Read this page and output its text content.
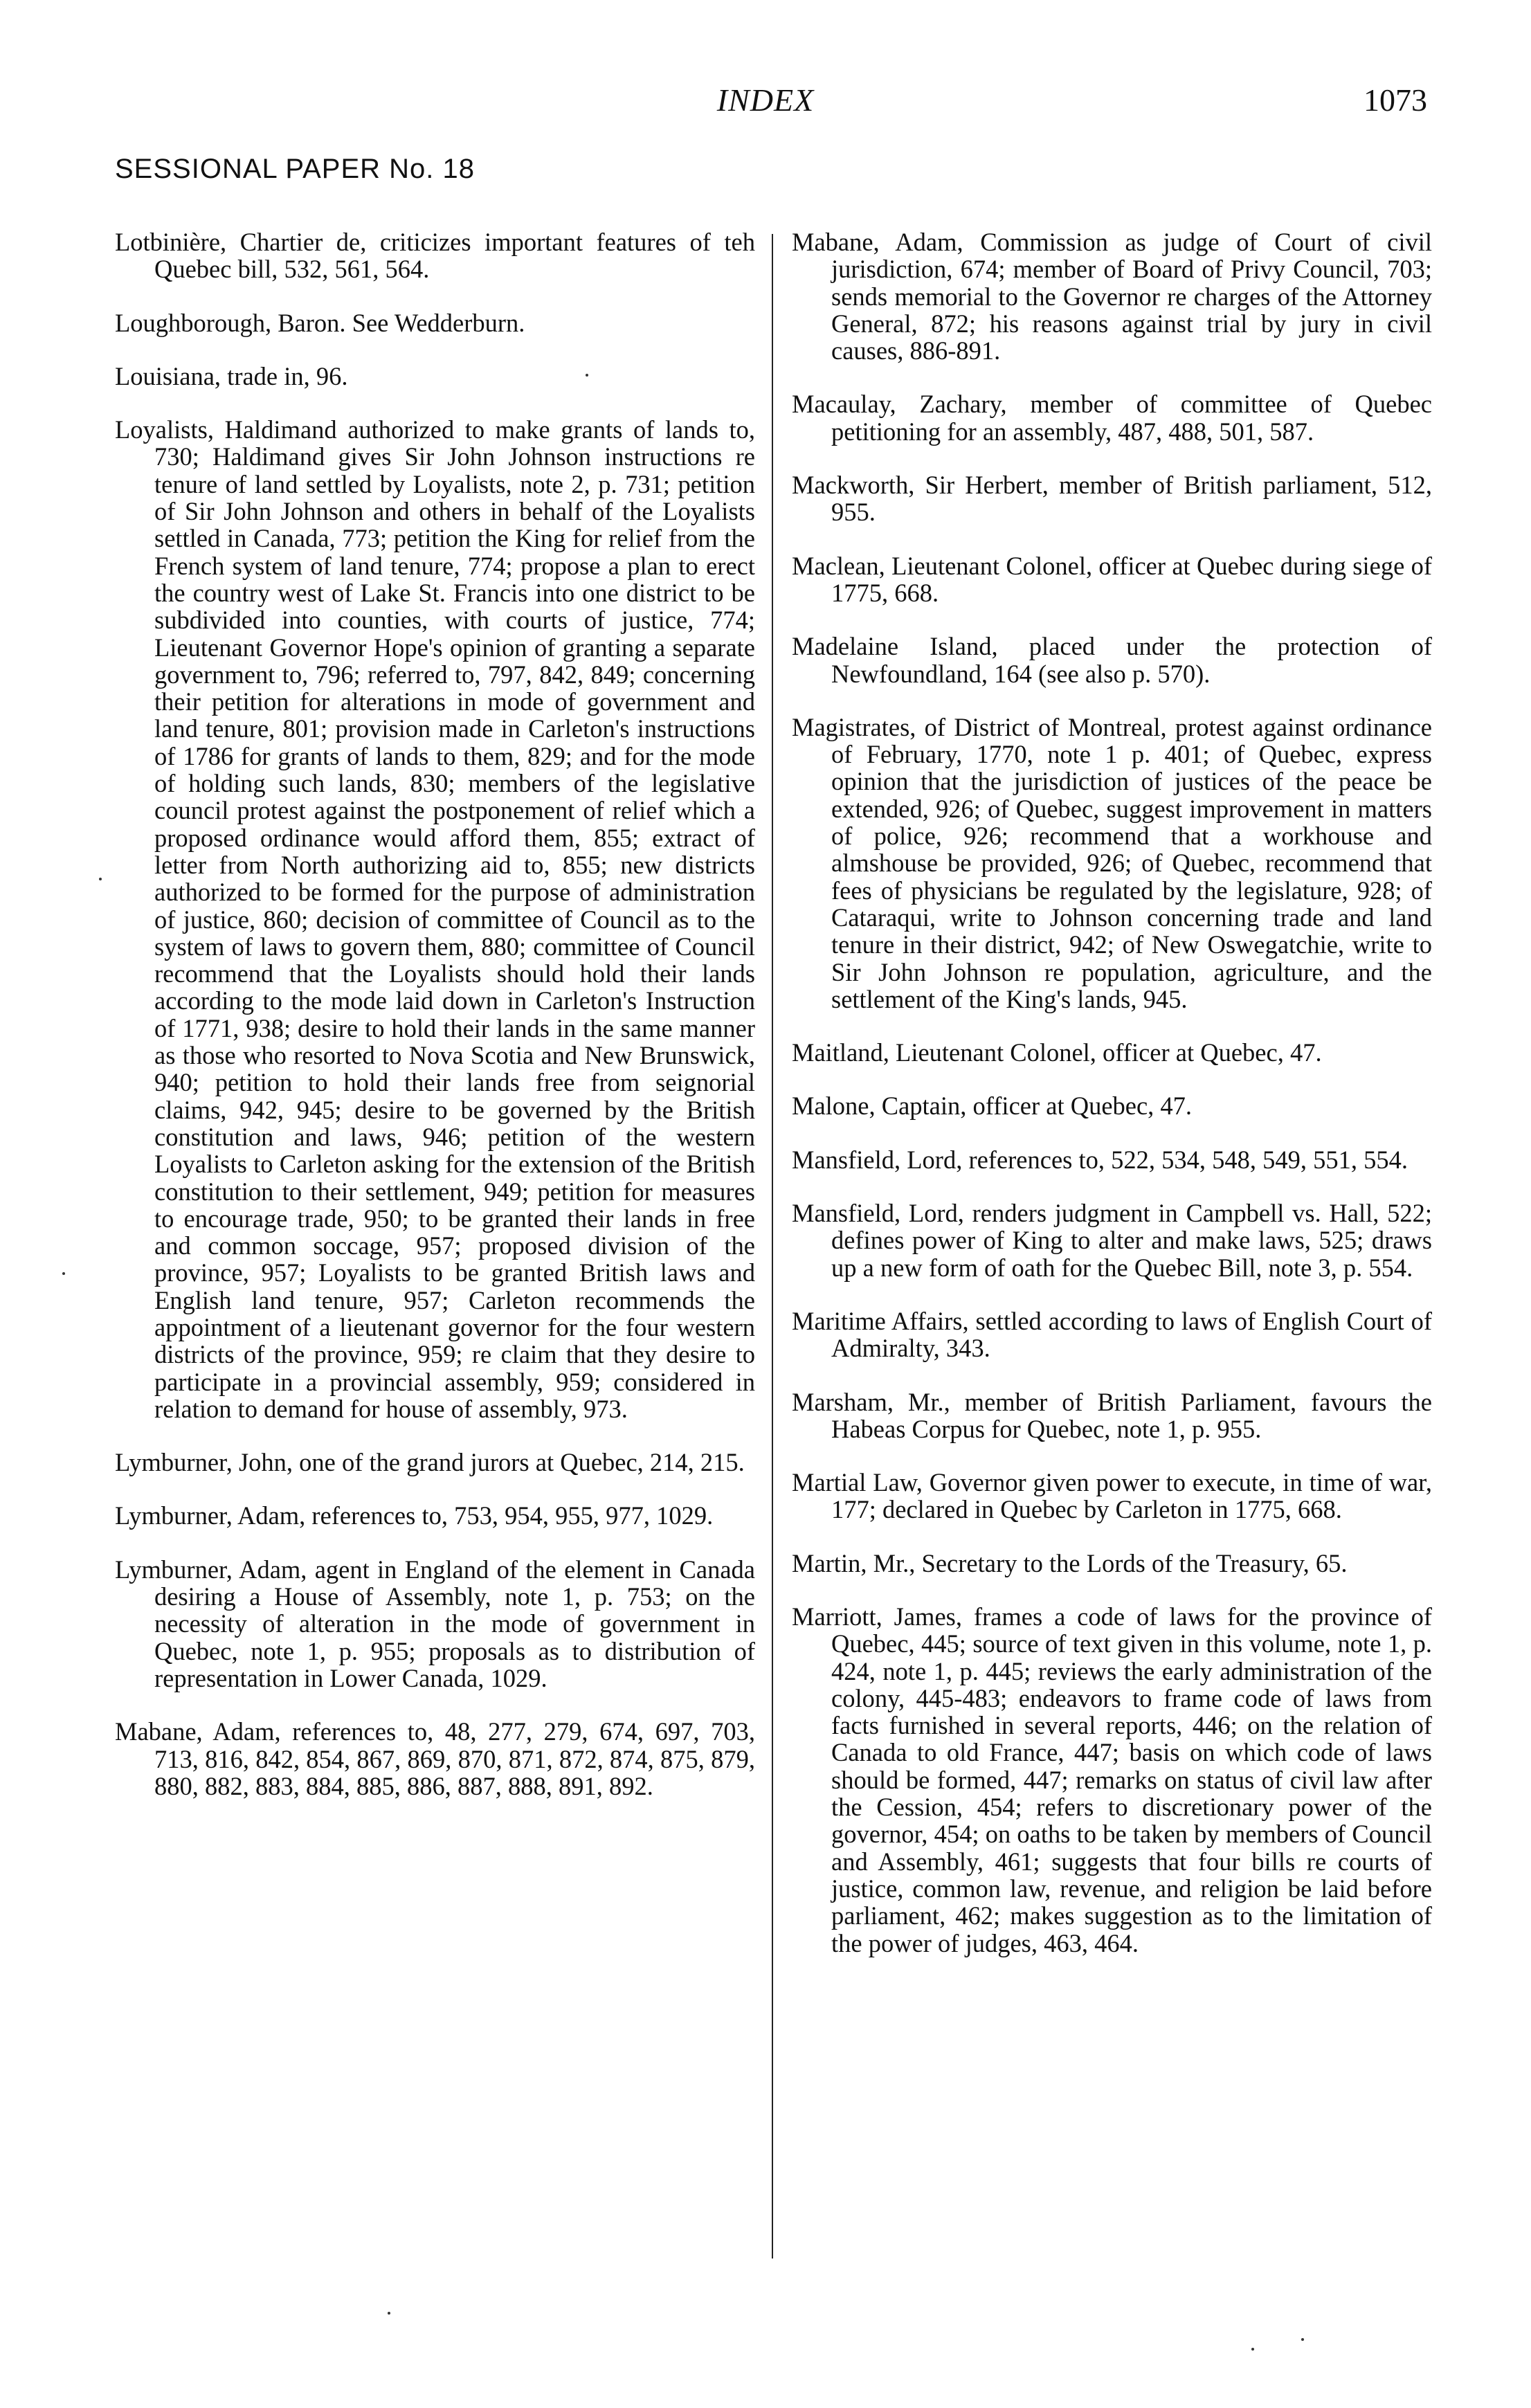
INDEX	1073
SESSIONAL PAPER No. 18

Lotbinière, Chartier de, criticizes important features of teh Quebec bill, 532, 561, 564.

Loughborough, Baron. See Wedderburn.

Louisiana, trade in, 96.

Loyalists, Haldimand authorized to make grants of lands to, 730; Haldimand gives Sir John Johnson instructions re tenure of land settled by Loyalists, note 2, p. 731; petition of Sir John Johnson and others in behalf of the Loyalists settled in Canada, 773; petition the King for relief from the French system of land tenure, 774; propose a plan to erect the country west of Lake St. Francis into one district to be subdivided into counties, with courts of justice, 774; Lieutenant Governor Hope's opinion of granting a separate government to, 796; referred to, 797, 842, 849; concerning their petition for alterations in mode of government and land tenure, 801; provision made in Carleton's instructions of 1786 for grants of lands to them, 829; and for the mode of holding such lands, 830; members of the legislative council protest against the postponement of relief which a proposed ordinance would afford them, 855; extract of letter from North authorizing aid to, 855; new districts authorized to be formed for the purpose of administration of justice, 860; decision of committee of Council as to the system of laws to govern them, 880; committee of Council recommend that the Loyalists should hold their lands according to the mode laid down in Carleton's Instruction of 1771, 938; desire to hold their lands in the same manner as those who resorted to Nova Scotia and New Brunswick, 940; petition to hold their lands free from seignorial claims, 942, 945; desire to be governed by the British constitution and laws, 946; petition of the western Loyalists to Carleton asking for the extension of the British constitution to their settlement, 949; petition for measures to encourage trade, 950; to be granted their lands in free and common soccage, 957; proposed division of the province, 957; Loyalists to be granted British laws and English land tenure, 957; Carleton recommends the appointment of a lieutenant governor for the four western districts of the province, 959; re claim that they desire to participate in a provincial assembly, 959; considered in relation to demand for house of assembly, 973.

Lymburner, John, one of the grand jurors at Quebec, 214, 215.

Lymburner, Adam, references to, 753, 954, 955, 977, 1029.

Lymburner, Adam, agent in England of the element in Canada desiring a House of Assembly, note 1, p. 753; on the necessity of alteration in the mode of government in Quebec, note 1, p. 955; proposals as to distribution of representation in Lower Canada, 1029.

Mabane, Adam, references to, 48, 277, 279, 674, 697, 703, 713, 816, 842, 854, 867, 869, 870, 871, 872, 874, 875, 879, 880, 882, 883, 884, 885, 886, 887, 888, 891, 892.

Mabane, Adam, Commission as judge of Court of civil jurisdiction, 674; member of Board of Privy Council, 703; sends memorial to the Governor re charges of the Attorney General, 872; his reasons against trial by jury in civil causes, 886-891.

Macaulay, Zachary, member of committee of Quebec petitioning for an assembly, 487, 488, 501, 587.

Mackworth, Sir Herbert, member of British parliament, 512, 955.

Maclean, Lieutenant Colonel, officer at Quebec during siege of 1775, 668.

Madelaine Island, placed under the protection of Newfoundland, 164 (see also p. 570).

Magistrates, of District of Montreal, protest against ordinance of February, 1770, note 1 p. 401; of Quebec, express opinion that the jurisdiction of justices of the peace be extended, 926; of Quebec, suggest improvement in matters of police, 926; recommend that a workhouse and almshouse be provided, 926; of Quebec, recommend that fees of physicians be regulated by the legislature, 928; of Cataraqui, write to Johnson concerning trade and land tenure in their district, 942; of New Oswegatchie, write to Sir John Johnson re population, agriculture, and the settlement of the King's lands, 945.

Maitland, Lieutenant Colonel, officer at Quebec, 47.

Malone, Captain, officer at Quebec, 47.

Mansfield, Lord, references to, 522, 534, 548, 549, 551, 554.

Mansfield, Lord, renders judgment in Campbell vs. Hall, 522; defines power of King to alter and make laws, 525; draws up a new form of oath for the Quebec Bill, note 3, p. 554.

Maritime Affairs, settled according to laws of English Court of Admiralty, 343.

Marsham, Mr., member of British Parliament, favours the Habeas Corpus for Quebec, note 1, p. 955.

Martial Law, Governor given power to execute, in time of war, 177; declared in Quebec by Carleton in 1775, 668.

Martin, Mr., Secretary to the Lords of the Treasury, 65.

Marriott, James, frames a code of laws for the province of Quebec, 445; source of text given in this volume, note 1, p. 424, note 1, p. 445; reviews the early administration of the colony, 445-483; endeavors to frame code of laws from facts furnished in several reports, 446; on the relation of Canada to old France, 447; basis on which code of laws should be formed, 447; remarks on status of civil law after the Cession, 454; refers to discretionary power of the governor, 454; on oaths to be taken by members of Council and Assembly, 461; suggests that four bills re courts of justice, common law, revenue, and religion be laid before parliament, 462; makes suggestion as to the limitation of the power of judges, 463, 464.
